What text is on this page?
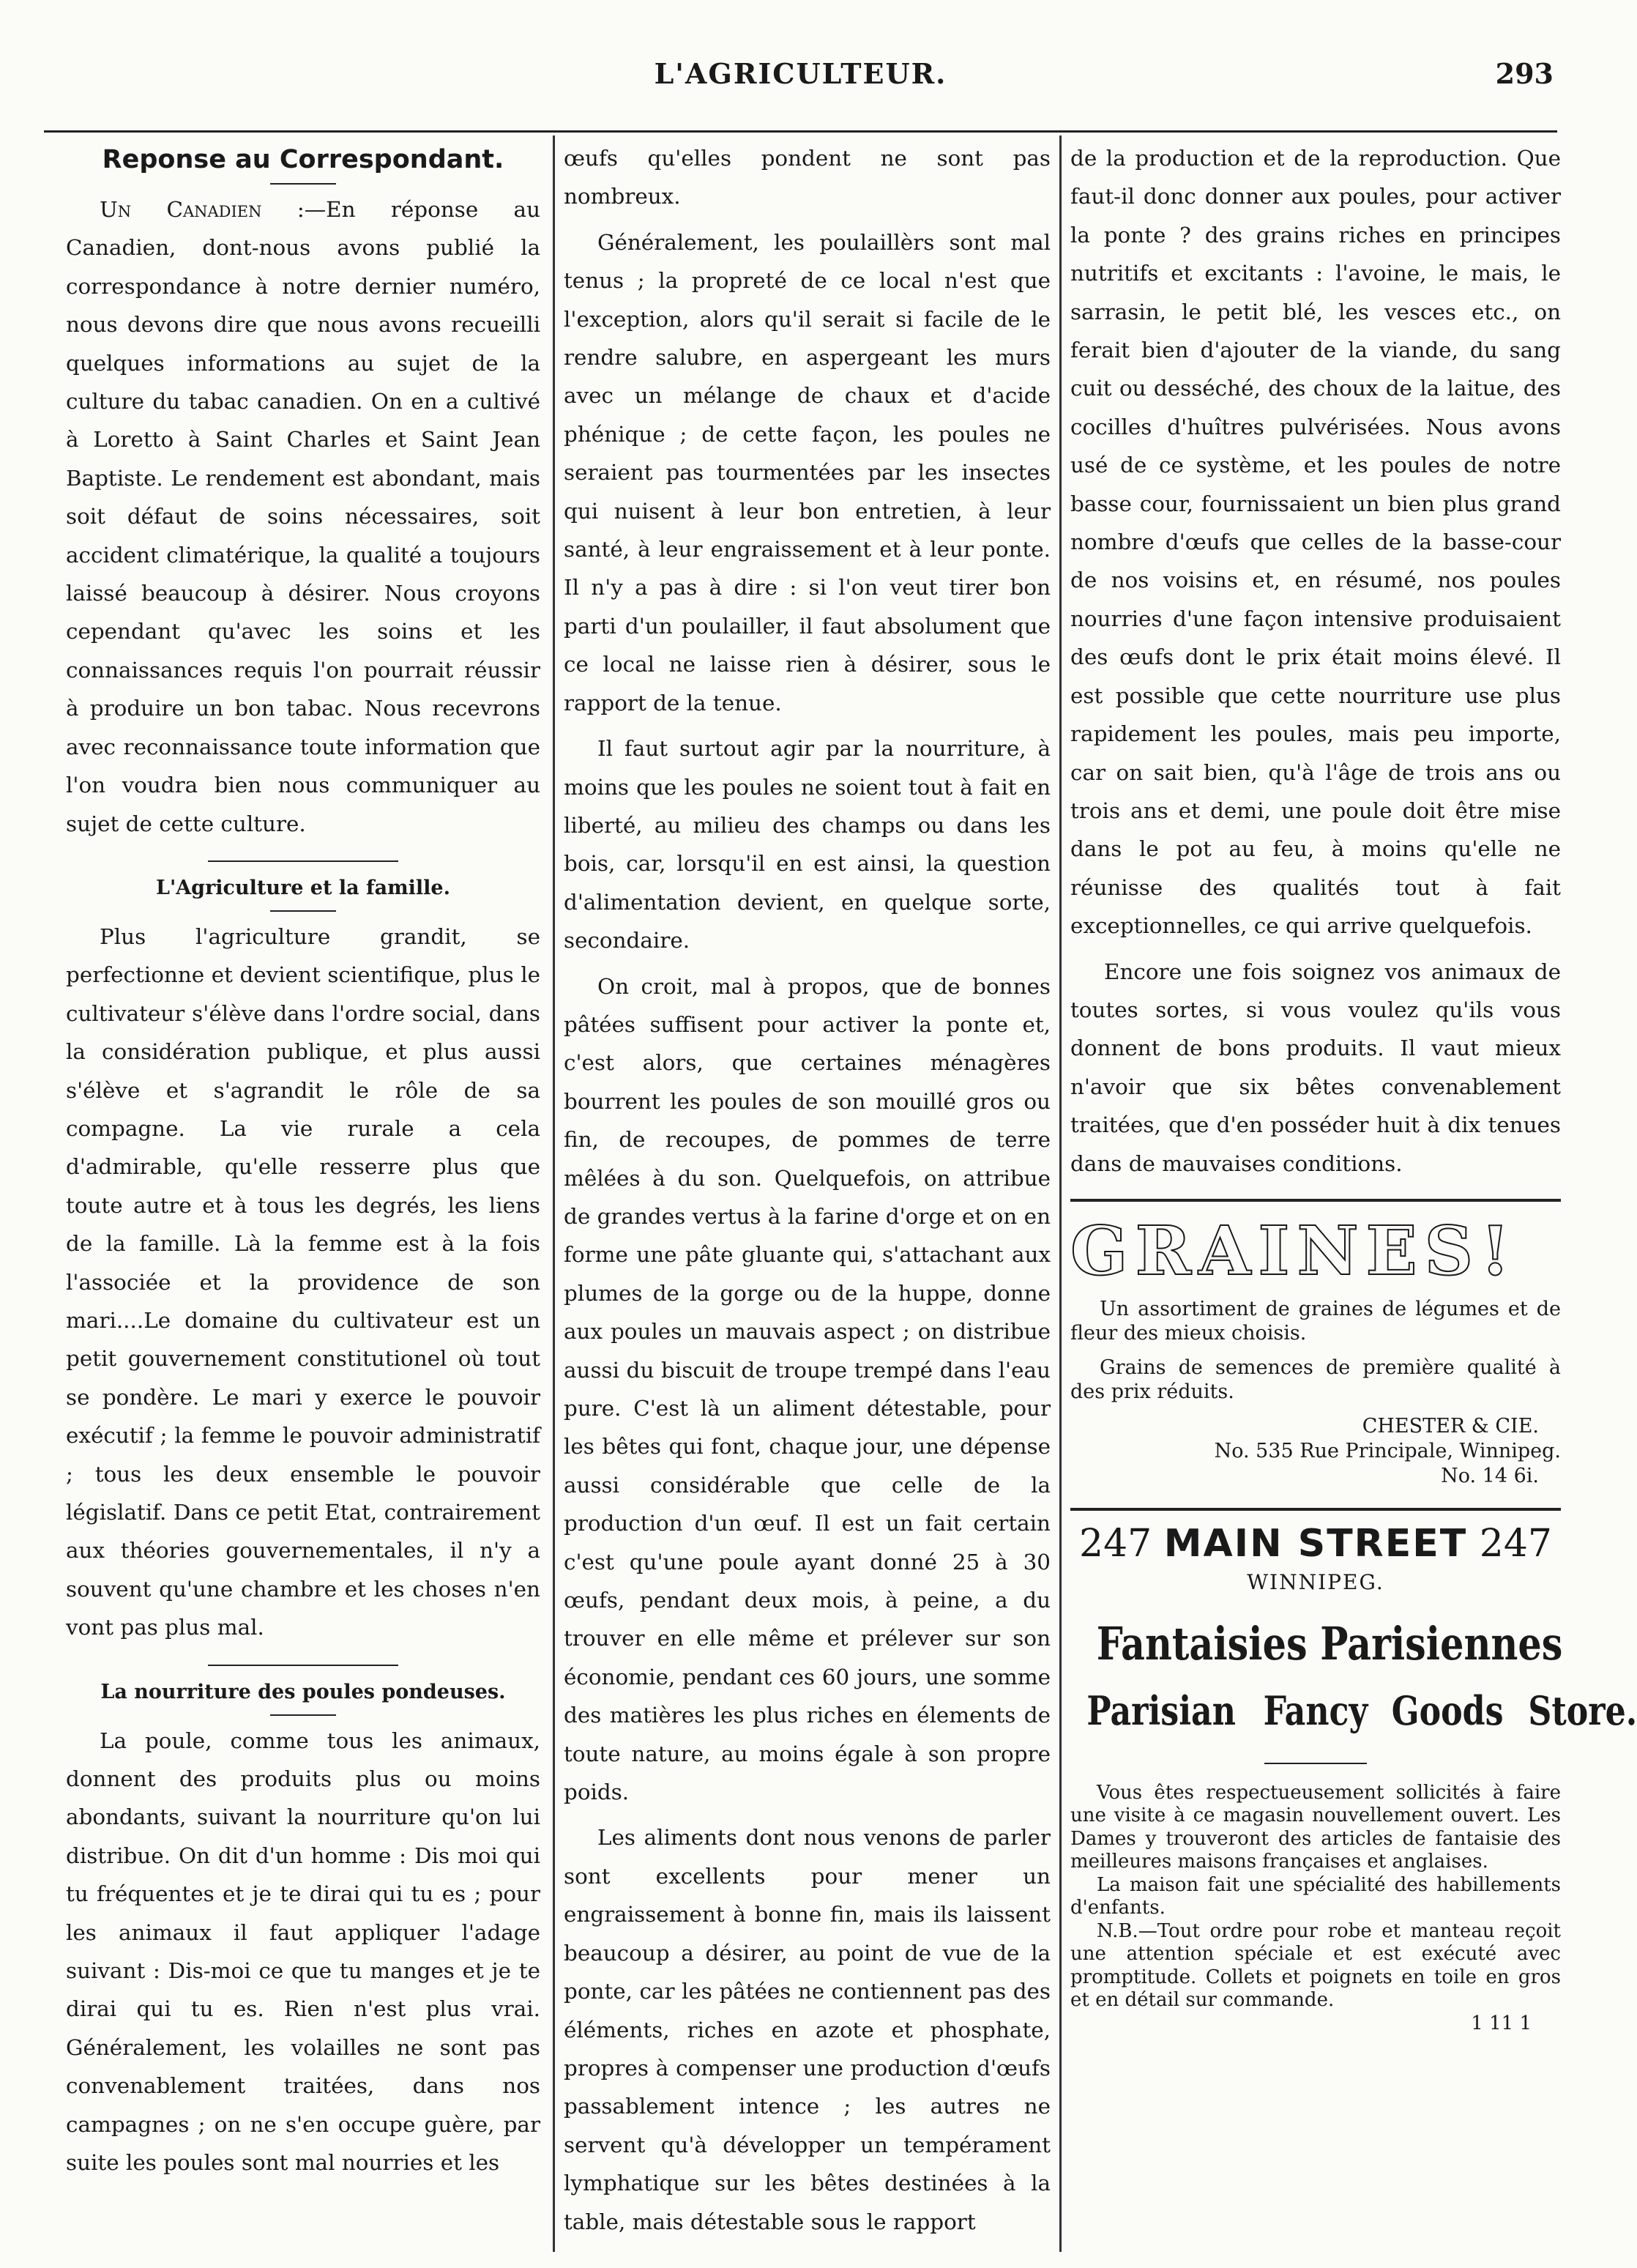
L'AGRICULTEUR.	293
Reponse au Correspondant.

Un Canadien :—En réponse au Canadien, dont-nous avons publié la correspondance à notre dernier numéro, nous devons dire que nous avons recueilli quelques informations au sujet de la culture du tabac canadien. On en a cultivé à Loretto à Saint Charles et Saint Jean Baptiste. Le rendement est abondant, mais soit défaut de soins nécessaires, soit accident climatérique, la qualité a toujours laissé beaucoup à désirer. Nous croyons cependant qu'avec les soins et les connaissances requis l'on pourrait réussir à produire un bon tabac. Nous recevrons avec reconnaissance toute information que l'on voudra bien nous communiquer au sujet de cette culture.

L'Agriculture et la famille.

Plus l'agriculture grandit, se perfectionne et devient scientifique, plus le cultivateur s'élève dans l'ordre social, dans la considération publique, et plus aussi s'élève et s'agrandit le rôle de sa compagne. La vie rurale a cela d'admirable, qu'elle resserre plus que toute autre et à tous les degrés, les liens de la famille. Là la femme est à la fois l'associée et la providence de son mari....Le domaine du cultivateur est un petit gouvernement constitutionel où tout se pondère. Le mari y exerce le pouvoir exécutif ; la femme le pouvoir administratif ; tous les deux ensemble le pouvoir législatif. Dans ce petit Etat, contrairement aux théories gouvernementales, il n'y a souvent qu'une chambre et les choses n'en vont pas plus mal.

La nourriture des poules pondeuses.

La poule, comme tous les animaux, donnent des produits plus ou moins abondants, suivant la nourriture qu'on lui distribue. On dit d'un homme : Dis moi qui tu fréquentes et je te dirai qui tu es ; pour les animaux il faut appliquer l'adage suivant : Dis-moi ce que tu manges et je te dirai qui tu es. Rien n'est plus vrai. Généralement, les volailles ne sont pas convenablement traitées, dans nos campagnes ; on ne s'en occupe guère, par suite les poules sont mal nourries et les

œufs qu'elles pondent ne sont pas nombreux.

Généralement, les poulaillèrs sont mal tenus ; la propreté de ce local n'est que l'exception, alors qu'il serait si facile de le rendre salubre, en aspergeant les murs avec un mélange de chaux et d'acide phénique ; de cette façon, les poules ne seraient pas tourmentées par les insectes qui nuisent à leur bon entretien, à leur santé, à leur engraissement et à leur ponte. Il n'y a pas à dire : si l'on veut tirer bon parti d'un poulailler, il faut absolument que ce local ne laisse rien à désirer, sous le rapport de la tenue.

Il faut surtout agir par la nourriture, à moins que les poules ne soient tout à fait en liberté, au milieu des champs ou dans les bois, car, lorsqu'il en est ainsi, la question d'alimentation devient, en quelque sorte, secondaire.

On croit, mal à propos, que de bonnes pâtées suffisent pour activer la ponte et, c'est alors, que certaines ménagères bourrent les poules de son mouillé gros ou fin, de recoupes, de pommes de terre mêlées à du son. Quelquefois, on attribue de grandes vertus à la farine d'orge et on en forme une pâte gluante qui, s'attachant aux plumes de la gorge ou de la huppe, donne aux poules un mauvais aspect ; on distribue aussi du biscuit de troupe trempé dans l'eau pure. C'est là un aliment détestable, pour les bêtes qui font, chaque jour, une dépense aussi considérable que celle de la production d'un œuf. Il est un fait certain c'est qu'une poule ayant donné 25 à 30 œufs, pendant deux mois, à peine, a du trouver en elle même et prélever sur son économie, pendant ces 60 jours, une somme des matières les plus riches en élements de toute nature, au moins égale à son propre poids.

Les aliments dont nous venons de parler sont excellents pour mener un engraissement à bonne fin, mais ils laissent beaucoup a désirer, au point de vue de la ponte, car les pâtées ne contiennent pas des éléments, riches en azote et phosphate, propres à compenser une production d'œufs passablement intence ; les autres ne servent qu'à développer un tempérament lymphatique sur les bêtes destinées à la table, mais détestable sous le rapport

de la production et de la reproduction. Que faut-il donc donner aux poules, pour activer la ponte ? des grains riches en principes nutritifs et excitants : l'avoine, le mais, le sarrasin, le petit blé, les vesces etc., on ferait bien d'ajouter de la viande, du sang cuit ou desséché, des choux de la laitue, des cocilles d'huîtres pulvérisées. Nous avons usé de ce système, et les poules de notre basse cour, fournissaient un bien plus grand nombre d'œufs que celles de la basse-cour de nos voisins et, en résumé, nos poules nourries d'une façon intensive produisaient des œufs dont le prix était moins élevé. Il est possible que cette nourriture use plus rapidement les poules, mais peu importe, car on sait bien, qu'à l'âge de trois ans ou trois ans et demi, une poule doit être mise dans le pot au feu, à moins qu'elle ne réunisse des qualités tout à fait exceptionnelles, ce qui arrive quelquefois.

Encore une fois soignez vos animaux de toutes sortes, si vous voulez qu'ils vous donnent de bons produits. Il vaut mieux n'avoir que six bêtes convenablement traitées, que d'en posséder huit à dix tenues dans de mauvaises conditions.

GRAINES!

Un assortiment de graines de légumes et de fleur des mieux choisis.

Grains de semences de première qualité à des prix réduits.

CHESTER & CIE.
No. 535 Rue Principale, Winnipeg.
No. 14 6i.
247 MAIN STREET 247
WINNIPEG.
Fantaisies Parisiennes
Parisian Fancy Goods Store.

Vous êtes respectueusement sollicités à faire une visite à ce magasin nouvellement ouvert. Les Dames y trouveront des articles de fantaisie des meilleures maisons françaises et anglaises.

La maison fait une spécialité des habillements d'enfants.

N.B.—Tout ordre pour robe et manteau reçoit une attention spéciale et est exécuté avec promptitude. Collets et poignets en toile en gros et en détail sur commande.

1 11 1
